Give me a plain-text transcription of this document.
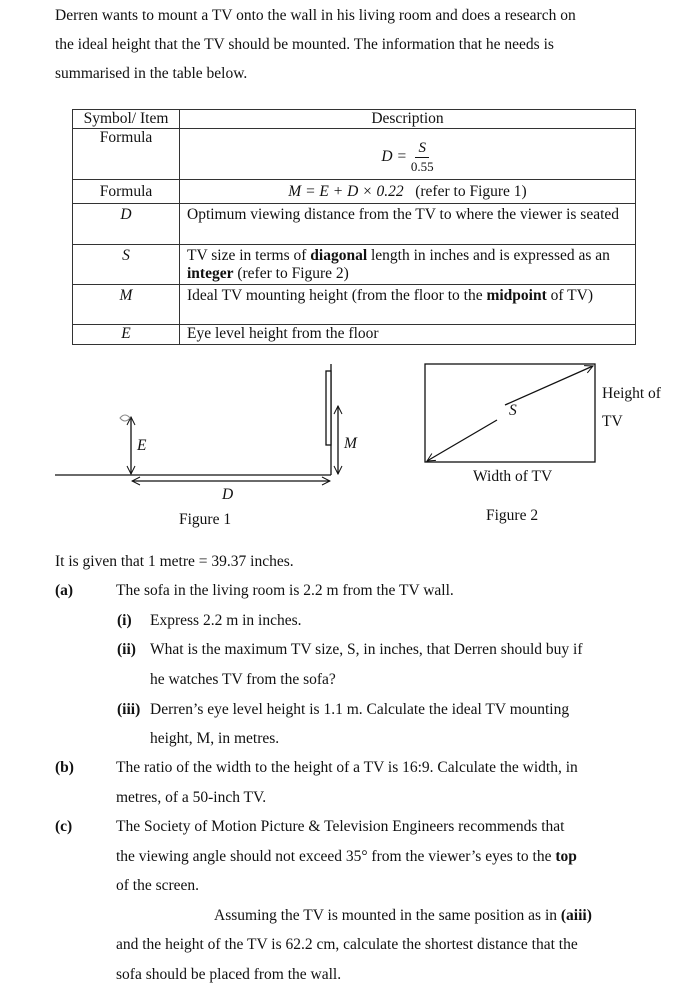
Derren wants to mount a TV onto the wall in his living room and does a research on
the ideal height that the TV should be mounted. The information that he needs is
summarised in the table below.
Symbol/ Item	Description
Formula	$D = \frac{S}{0.55}$

Formula	M = E + D × 0.22 (refer to Figure 1)
D	Optimum viewing distance from the TV to where the viewer is seated
S	TV size in terms of diagonal length in inches and is expressed as an integer (refer to Figure 2)
M	Ideal TV mounting height (from the floor to the midpoint of TV)
E	Eye level height from the floor
E	M
D
Figure 1
S
Height of
TV
Width of TV
Figure 2
It is given that 1 metre = 39.37 inches.
(a)	The sofa in the living room is 2.2 m from the TV wall.
(i) Express 2.2 m in inches.
(ii) What is the maximum TV size, S, in inches, that Derren should buy if
he watches TV from the sofa?
(iii) Derren’s eye level height is 1.1 m. Calculate the ideal TV mounting
height, M, in metres.
(b)	The ratio of the width to the height of a TV is 16:9. Calculate the width, in
metres, of a 50-inch TV.
(c)	The Society of Motion Picture & Television Engineers recommends that
the viewing angle should not exceed 35° from the viewer’s eyes to the top
of the screen.
Assuming the TV is mounted in the same position as in (aiii)
and the height of the TV is 62.2 cm, calculate the shortest distance that the
sofa should be placed from the wall.
